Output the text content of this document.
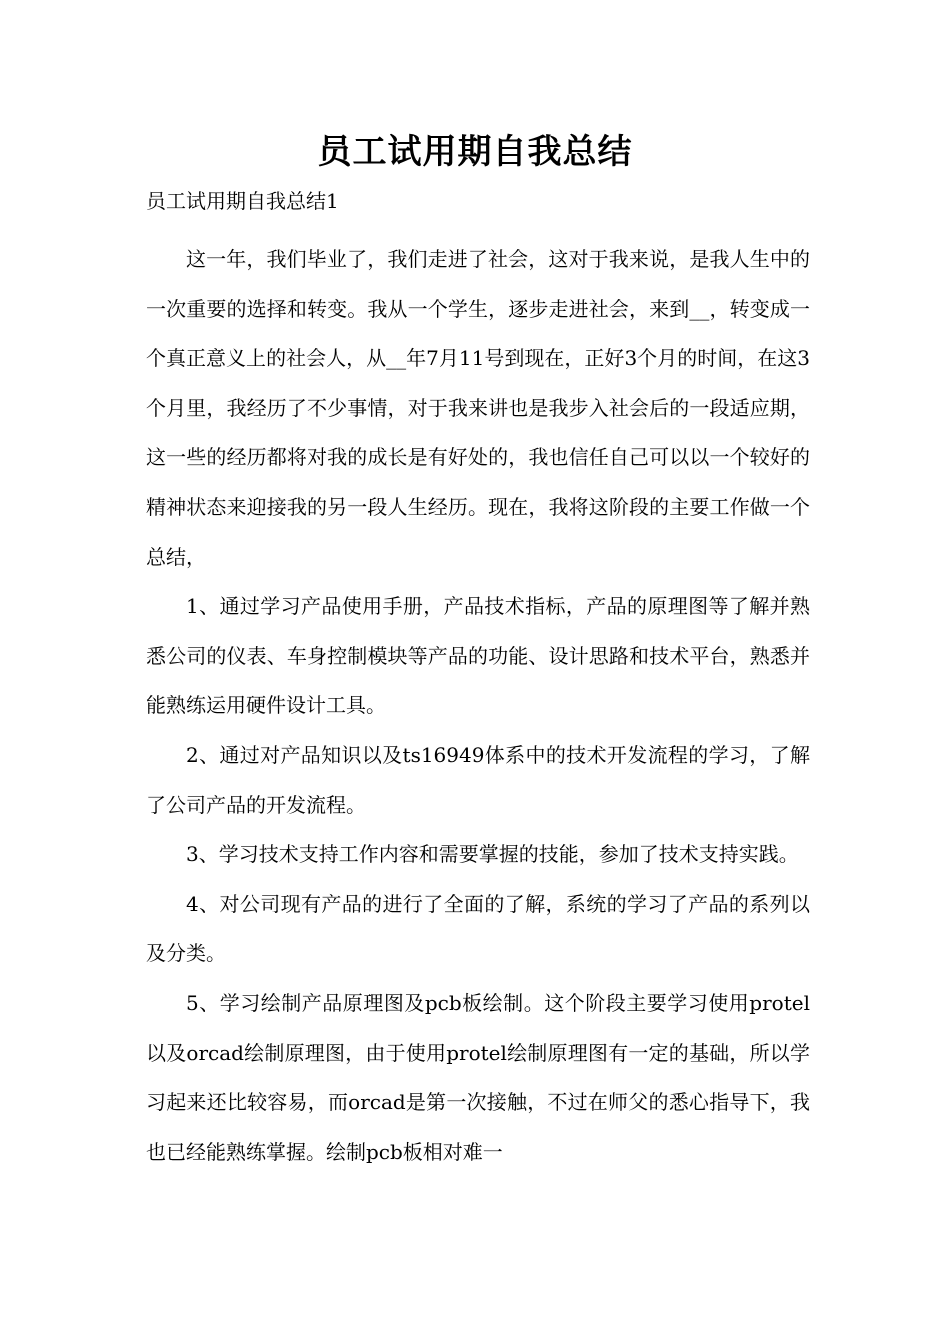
员工试用期自我总结

员工试用期自我总结1

这一年，我们毕业了，我们走进了社会，这对于我来说，是我人生中的一次重要的选择和转变。我从一个学生，逐步走进社会，来到__，转变成一个真正意义上的社会人，从__年7月11号到现在，正好3个月的时间，在这3个月里，我经历了不少事情，对于我来讲也是我步入社会后的一段适应期，这一些的经历都将对我的成长是有好处的，我也信任自己可以以一个较好的精神状态来迎接我的另一段人生经历。现在，我将这阶段的主要工作做一个总结，

1、通过学习产品使用手册，产品技术指标，产品的原理图等了解并熟悉公司的仪表、车身控制模块等产品的功能、设计思路和技术平台，熟悉并能熟练运用硬件设计工具。

2、通过对产品知识以及ts16949体系中的技术开发流程的学习，了解了公司产品的开发流程。

3、学习技术支持工作内容和需要掌握的技能，参加了技术支持实践。

4、对公司现有产品的进行了全面的了解，系统的学习了产品的系列以及分类。

5、学习绘制产品原理图及pcb板绘制。这个阶段主要学习使用protel以及orcad绘制原理图，由于使用protel绘制原理图有一定的基础，所以学习起来还比较容易，而orcad是第一次接触，不过在师父的悉心指导下，我也已经能熟练掌握。绘制pcb板相对难一
